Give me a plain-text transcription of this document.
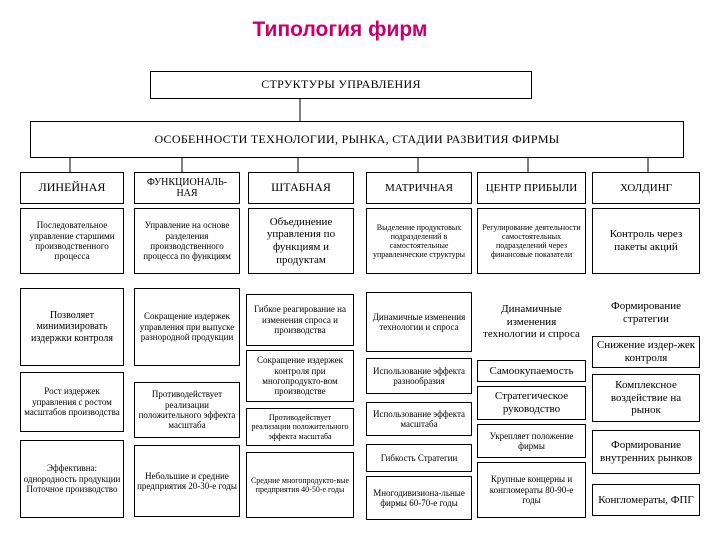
Типология фирм
СТРУКТУРЫ УПРАВЛЕНИЯ
ОСОБЕННОСТИ ТЕХНОЛОГИИ, РЫНКА, СТАДИИ РАЗВИТИЯ ФИРМЫ
ЛИНЕЙНАЯ	ФУНКЦИОНАЛЬ-НАЯ	ШТАБНАЯ	МАТРИЧНАЯ	ЦЕНТР ПРИБЫЛИ	ХОЛДИНГ
Последовательное управление старшими производственного процесса
Управление на основе разделения производственного процесса по функциям
Объединение управления по функциям и продуктам
Выделение продуктовых подразделений в самостоятельные управленческие структуры
Регулирование деятельности самостоятельных подразделений через финансовые показатели
Контроль через пакеты акций
Позволяет минимизировать издержки контроля
Рост издержек управления с ростом масштабов производства
Эффективна: однородность продукции Поточное производство
Сокращение издержек управления при выпуске разнородной продукции
Противодействует реализации положительного эффекта масштаба
Небольшие и средние предприятия 20-30-е годы
Гибкое реагирование на изменения спроса и производства
Сокращение издержек контроля при многопродукто-вом производстве
Противодействует реализации положительного эффекта масштаба
Средние многопродукто-вые предприятия 40-50-е годы
Динамичные изменения технологии и спроса
Использование эффекта разнообразия
Использование эффекта масштаба
Гибкость Стратегии
Многодивизиона-льные фирмы 60-70-е годы
Динамичные изменения технологии и спроса
Самоокупаемость
Стратегическое руководство
Укрепляет положение фирмы
Крупные концерны и конгломераты 80-90-е годы
Формирование стратегии
Снижение издер-жек контроля
Комплексное воздействие на рынок
Формирование внутренних рынков
Конгломераты, ФПГ
